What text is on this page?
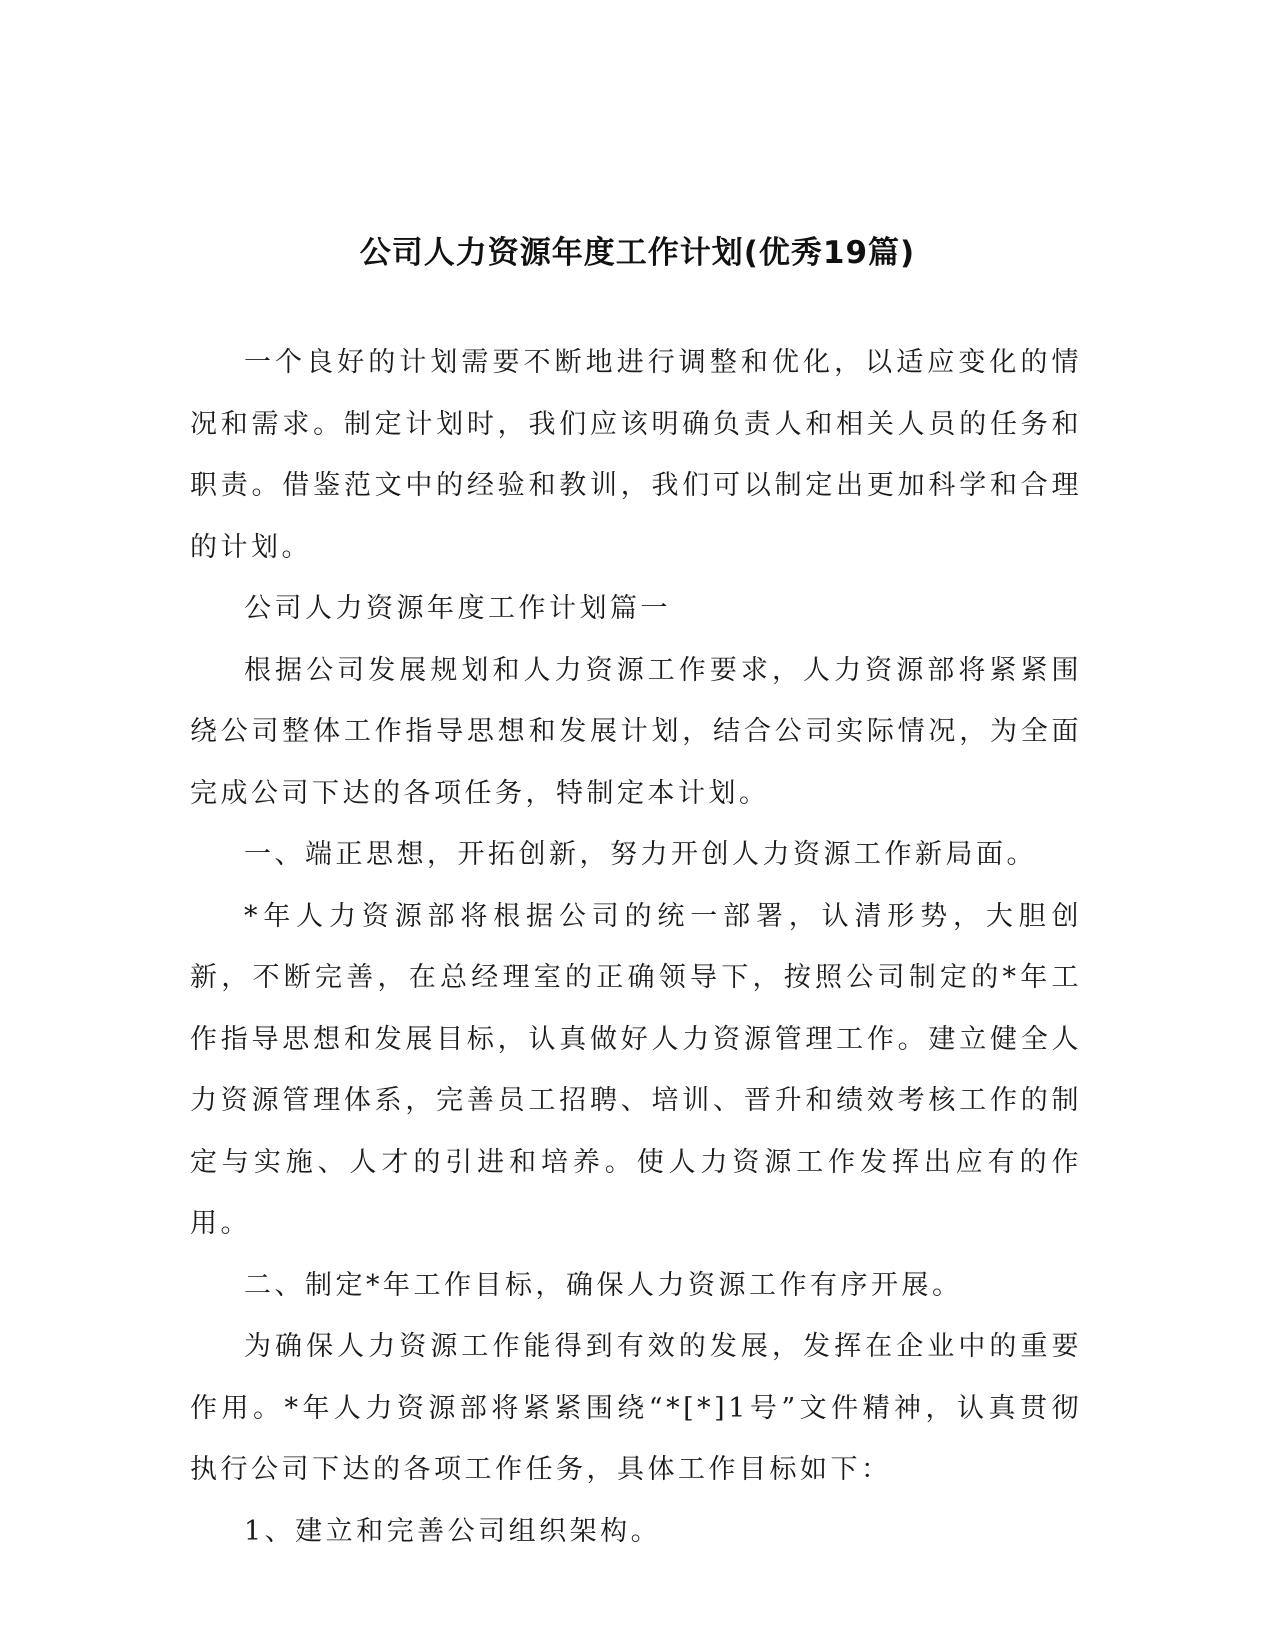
公司人力资源年度工作计划(优秀19篇)

一个良好的计划需要不断地进行调整和优化，以适应变化的情况和需求。制定计划时，我们应该明确负责人和相关人员的任务和职责。借鉴范文中的经验和教训，我们可以制定出更加科学和合理的计划。

公司人力资源年度工作计划篇一

根据公司发展规划和人力资源工作要求，人力资源部将紧紧围绕公司整体工作指导思想和发展计划，结合公司实际情况，为全面完成公司下达的各项任务，特制定本计划。

一、端正思想，开拓创新，努力开创人力资源工作新局面。

*年人力资源部将根据公司的统一部署，认清形势，大胆创新，不断完善，在总经理室的正确领导下，按照公司制定的*年工作指导思想和发展目标，认真做好人力资源管理工作。建立健全人力资源管理体系，完善员工招聘、培训、晋升和绩效考核工作的制定与实施、人才的引进和培养。使人力资源工作发挥出应有的作用。

二、制定*年工作目标，确保人力资源工作有序开展。

为确保人力资源工作能得到有效的发展，发挥在企业中的重要作用。*年人力资源部将紧紧围绕“*[*]1号”文件精神，认真贯彻执行公司下达的各项工作任务，具体工作目标如下：

1、建立和完善公司组织架构。
